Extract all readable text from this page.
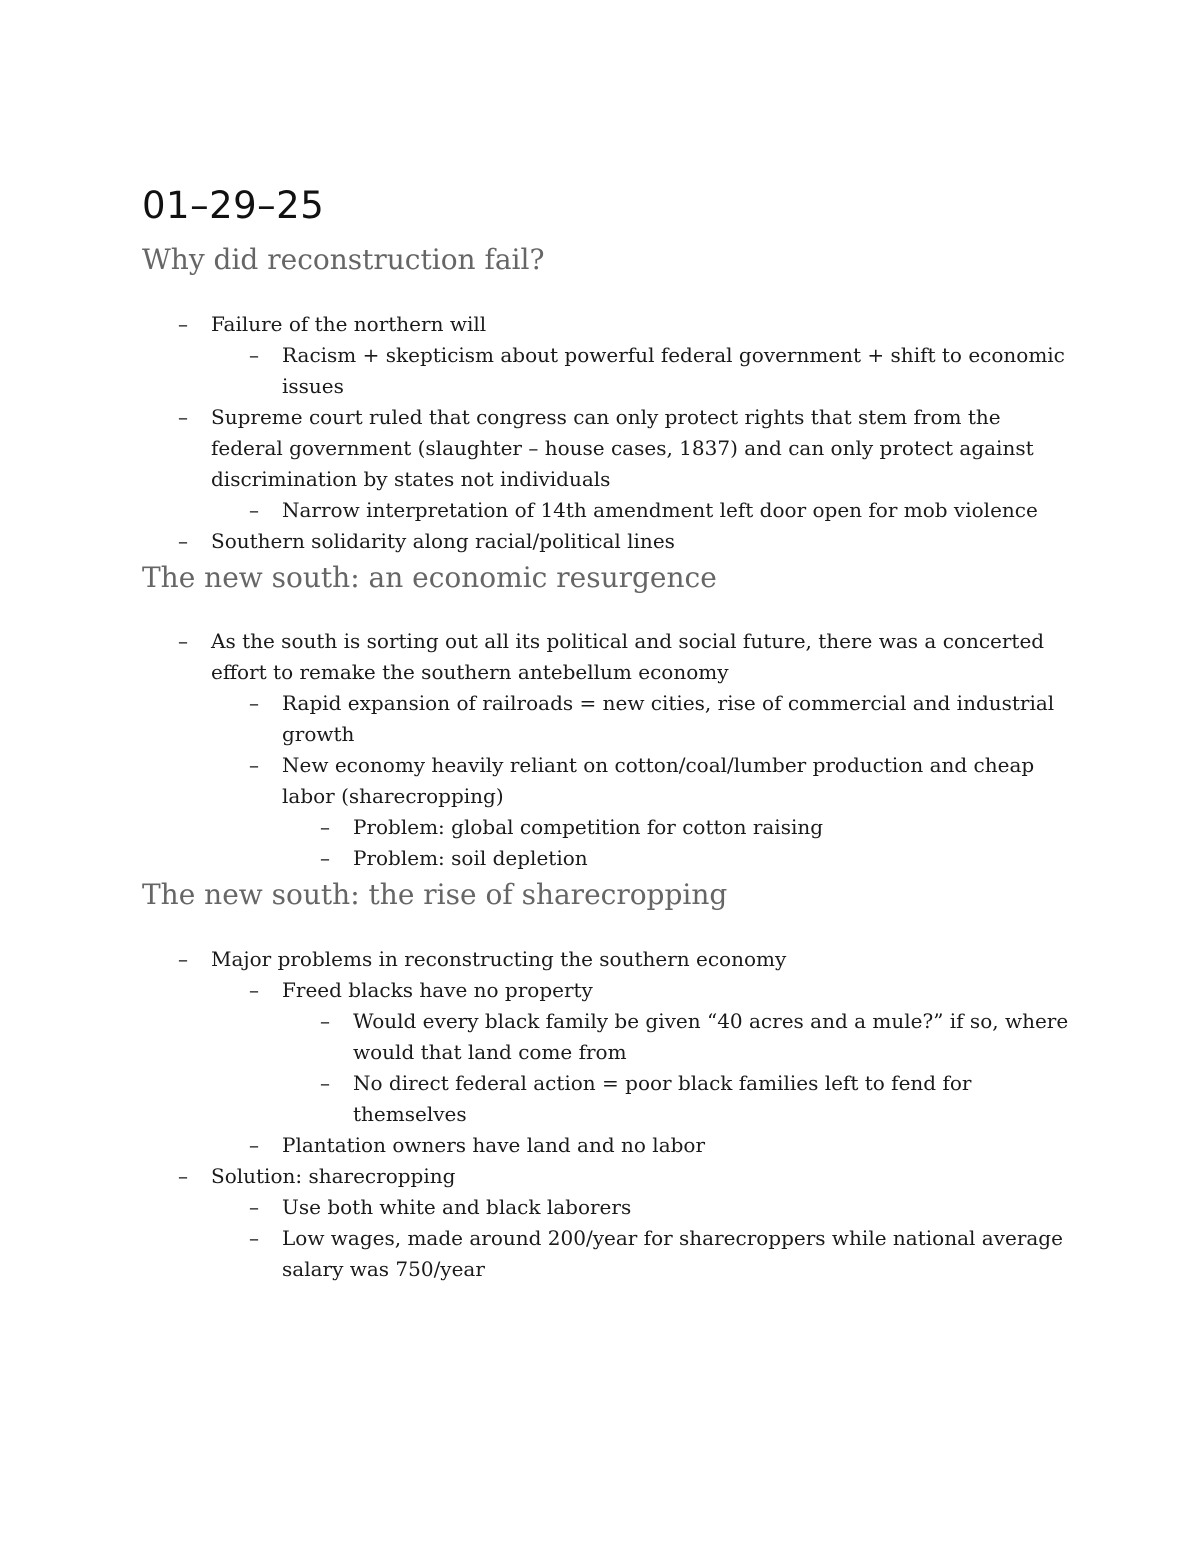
01–29–25
Why did reconstruction fail?
– Failure of the northern will
– Racism + skepticism about powerful federal government + shift to economic issues
– Supreme court ruled that congress can only protect rights that stem from the federal government (slaughter – house cases, 1837) and can only protect against discrimination by states not individuals
– Narrow interpretation of 14th amendment left door open for mob violence
– Southern solidarity along racial/political lines
The new south: an economic resurgence
– As the south is sorting out all its political and social future, there was a concerted effort to remake the southern antebellum economy
– Rapid expansion of railroads = new cities, rise of commercial and industrial growth
– New economy heavily reliant on cotton/coal/lumber production and cheap labor (sharecropping)
– Problem: global competition for cotton raising
– Problem: soil depletion
The new south: the rise of sharecropping
– Major problems in reconstructing the southern economy
– Freed blacks have no property
– Would every black family be given “40 acres and a mule?” if so, where would that land come from
– No direct federal action = poor black families left to fend for themselves
– Plantation owners have land and no labor
– Solution: sharecropping
– Use both white and black laborers
– Low wages, made around 200/year for sharecroppers while national average salary was 750/year
